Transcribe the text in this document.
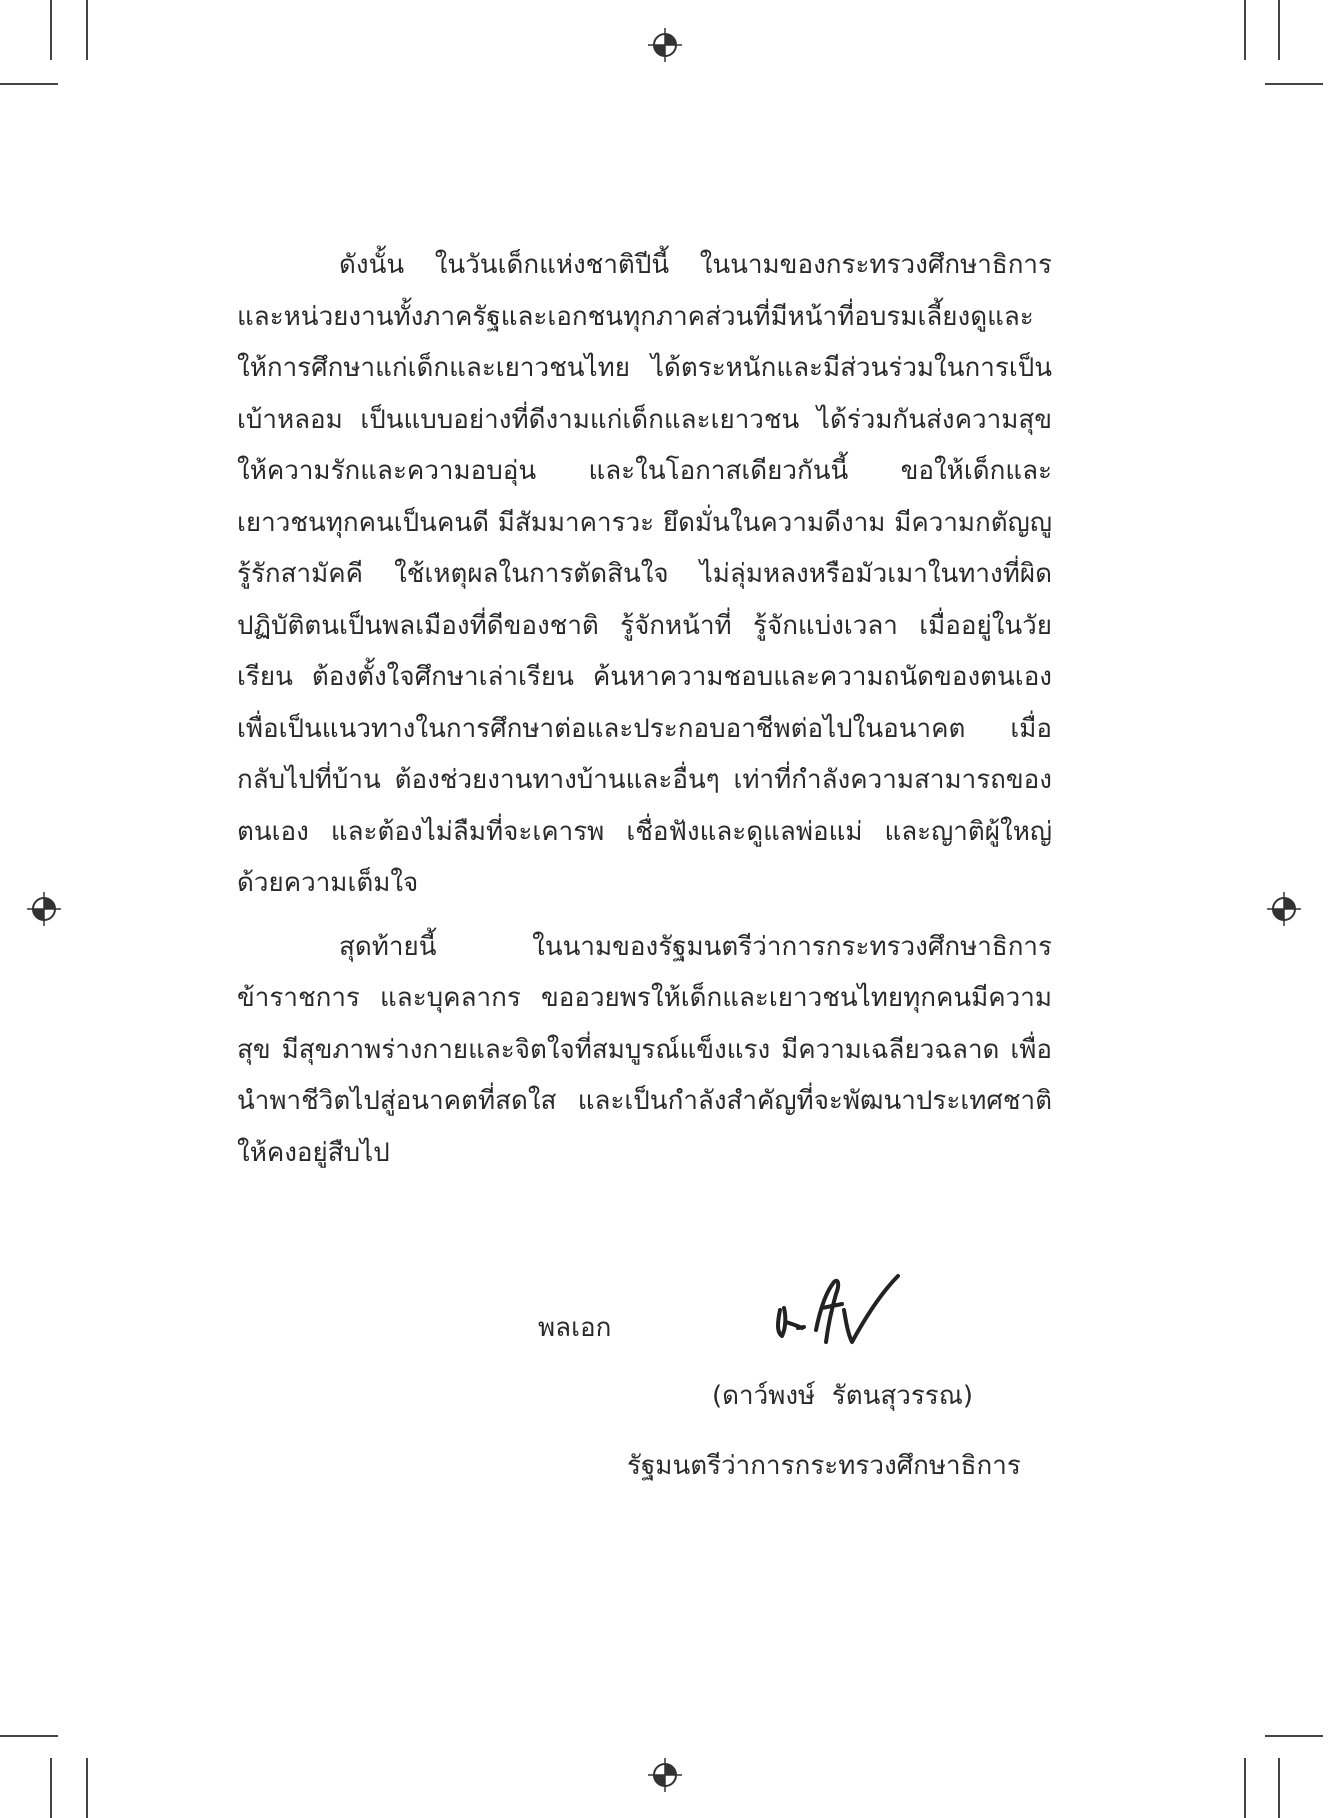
ดังนั้น ในวันเด็กแห่งชาติปีนี้ ในนามของกระทรวงศึกษาธิการและหน่วยงานทั้งภาครัฐและเอกชนทุกภาคส่วนที่มีหน้าที่อบรมเลี้ยงดูและให้การศึกษาแก่เด็กและเยาวชนไทย ได้ตระหนักและมีส่วนร่วมในการเป็นเบ้าหลอม เป็นแบบอย่างที่ดีงามแก่เด็กและเยาวชน ได้ร่วมกันส่งความสุข ให้ความรักและความอบอุ่น และในโอกาสเดียวกันนี้ ขอให้เด็กและเยาวชนทุกคนเป็นคนดี มีสัมมาคารวะ ยึดมั่นในความดีงาม มีความกตัญญู รู้รักสามัคคี ใช้เหตุผลในการตัดสินใจ ไม่ลุ่มหลงหรือมัวเมาในทางที่ผิด ปฏิบัติตนเป็นพลเมืองที่ดีของชาติ รู้จักหน้าที่ รู้จักแบ่งเวลา เมื่ออยู่ในวัยเรียน ต้องตั้งใจศึกษาเล่าเรียน ค้นหาความชอบและความถนัดของตนเอง เพื่อเป็นแนวทางในการศึกษาต่อและประกอบอาชีพต่อไปในอนาคต เมื่อกลับไปที่บ้าน ต้องช่วยงานทางบ้านและอื่นๆ เท่าที่กำลังความสามารถของตนเอง และต้องไม่ลืมที่จะเคารพ เชื่อฟังและดูแลพ่อแม่ และญาติผู้ใหญ่ด้วยความเต็มใจ

สุดท้ายนี้ ในนามของรัฐมนตรีว่าการกระทรวงศึกษาธิการ ข้าราชการ และบุคลากร ขออวยพรให้เด็กและเยาวชนไทยทุกคนมีความสุข มีสุขภาพร่างกายและจิตใจที่สมบูรณ์แข็งแรง มีความเฉลียวฉลาด เพื่อนำพาชีวิตไปสู่อนาคตที่สดใส และเป็นกำลังสำคัญที่จะพัฒนาประเทศชาติให้คงอยู่สืบไป

พลเอก
(ดาว์พงษ์  รัตนสุวรรณ)
รัฐมนตรีว่าการกระทรวงศึกษาธิการ
